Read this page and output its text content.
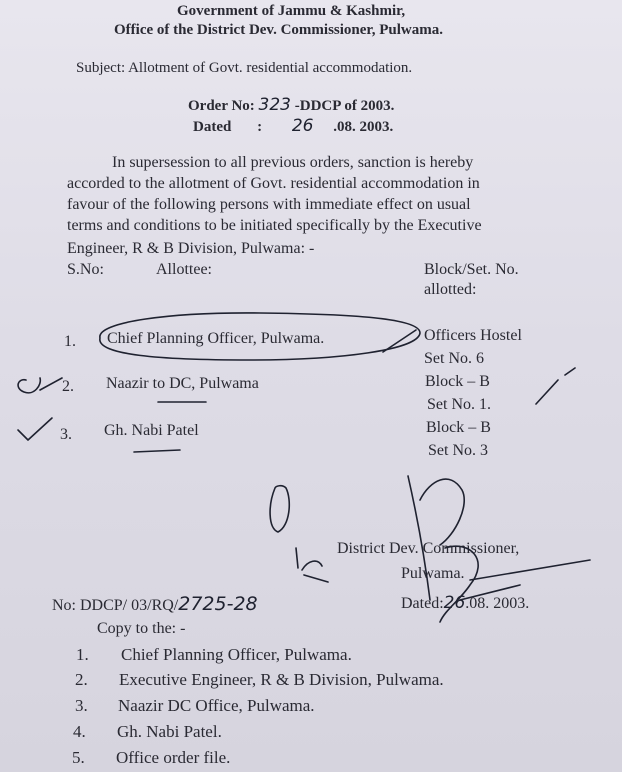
Government of Jammu & Kashmir,
Office of the District Dev. Commissioner, Pulwama.
Subject: Allotment of Govt. residential accommodation.
Order No: 323 -DDCP of 2003.
Dated : 26 .08. 2003.
In supersession to all previous orders, sanction is hereby
accorded to the allotment of Govt. residential accommodation in
favour of the following persons with immediate effect on usual
terms and conditions to be initiated specifically by the Executive
Engineer, R & B Division, Pulwama: -
S.No:	Allottee:	Block/Set. No.
allotted:
1. Chief Planning Officer, Pulwama.	Officers Hostel
Set No. 6
2. Naazir to DC, Pulwama	Block – B
Set No. 1.
3. Gh. Nabi Patel	Block – B
Set No. 3
District Dev. Commissioner,
Pulwama.
No: DDCP/ 03/RQ/2725-28	Dated:26.08. 2003.
Copy to the: -
1. Chief Planning Officer, Pulwama.
2. Executive Engineer, R & B Division, Pulwama.
3. Naazir DC Office, Pulwama.
4. Gh. Nabi Patel.
5. Office order file.
